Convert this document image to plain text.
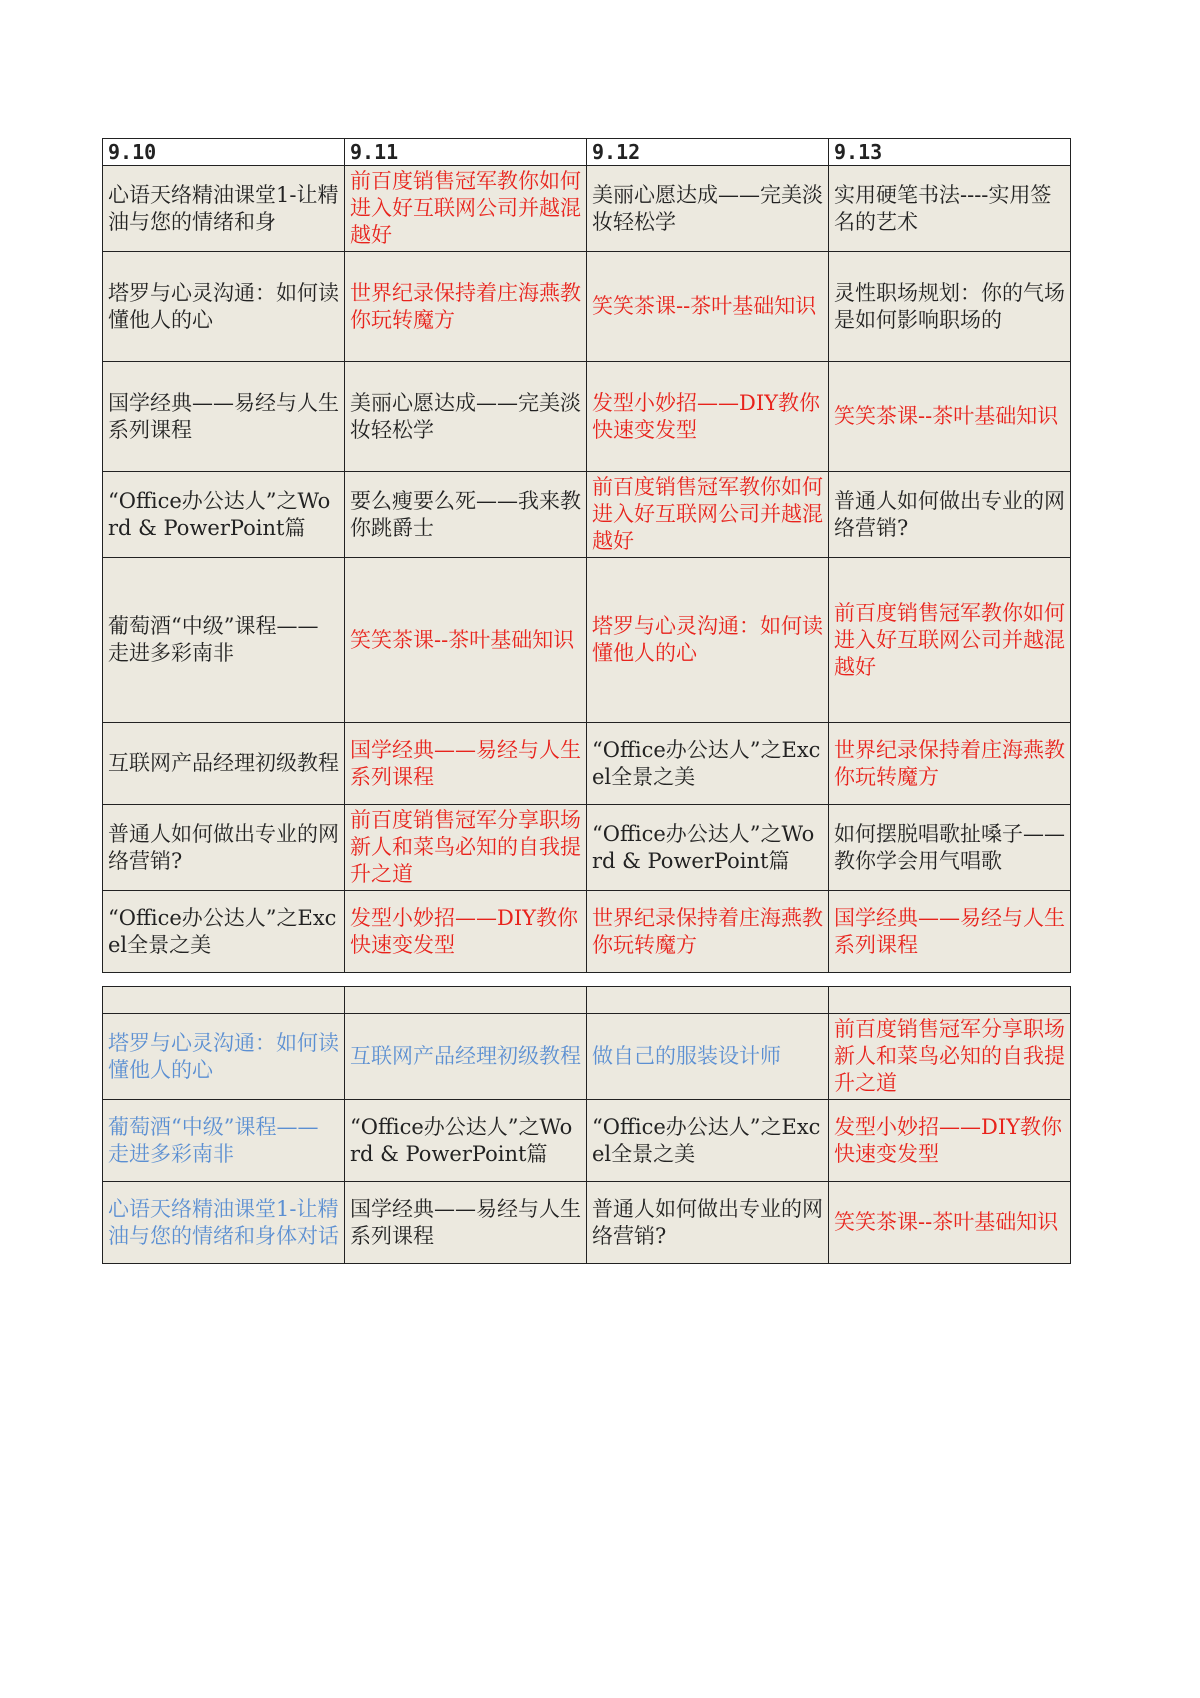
9.10	9.11	9.12	9.13
心语天络精油课堂1-让精油与您的情绪和身	前百度销售冠军教你如何进入好互联网公司并越混越好	美丽心愿达成——完美淡妆轻松学	实用硬笔书法----实用签名的艺术
塔罗与心灵沟通：如何读懂他人的心	世界纪录保持着庄海燕教你玩转魔方	笑笑茶课--茶叶基础知识	灵性职场规划：你的气场是如何影响职场的
国学经典——易经与人生系列课程	美丽心愿达成——完美淡妆轻松学	发型小妙招——DIY教你快速变发型	笑笑茶课--茶叶基础知识
“Office办公达人”之Word & PowerPoint篇	要么瘦要么死——我来教你跳爵士	前百度销售冠军教你如何进入好互联网公司并越混越好	普通人如何做出专业的网络营销?
葡萄酒“中级”课程——走进多彩南非	笑笑茶课--茶叶基础知识	塔罗与心灵沟通：如何读懂他人的心	前百度销售冠军教你如何进入好互联网公司并越混越好
互联网产品经理初级教程	国学经典——易经与人生系列课程	“Office办公达人”之Excel全景之美	世界纪录保持着庄海燕教你玩转魔方
普通人如何做出专业的网络营销?	前百度销售冠军分享职场新人和菜鸟必知的自我提升之道	“Office办公达人”之Word & PowerPoint篇	如何摆脱唱歌扯嗓子——教你学会用气唱歌
“Office办公达人”之Excel全景之美	发型小妙招——DIY教你快速变发型	世界纪录保持着庄海燕教你玩转魔方	国学经典——易经与人生系列课程

塔罗与心灵沟通：如何读懂他人的心	互联网产品经理初级教程	做自己的服装设计师	前百度销售冠军分享职场新人和菜鸟必知的自我提升之道
葡萄酒“中级”课程——走进多彩南非	“Office办公达人”之Word & PowerPoint篇	“Office办公达人”之Excel全景之美	发型小妙招——DIY教你快速变发型
心语天络精油课堂1-让精油与您的情绪和身体对话	国学经典——易经与人生系列课程	普通人如何做出专业的网络营销?	笑笑茶课--茶叶基础知识
